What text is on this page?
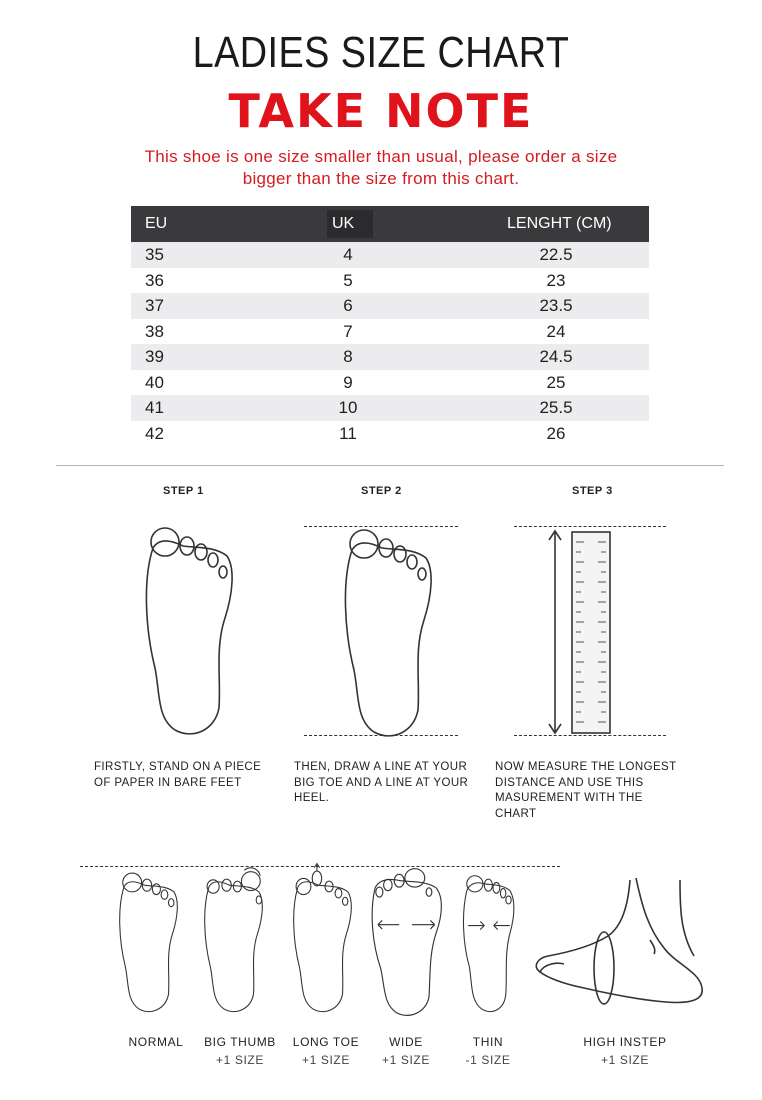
LADIES SIZE CHART
TAKE NOTE
This shoe is one size smaller than usual, please order a size
bigger than the size from this chart.
EU	UK	LENGHT (CM)
35	4	22.5
36	5	23
37	6	23.5
38	7	24
39	8	24.5
40	9	25
41	10	25.5
42	11	26
STEP 1	STEP 2	STEP 3
FIRSTLY, STAND ON A PIECE
OF PAPER IN BARE FEET
THEN, DRAW A LINE AT YOUR
BIG TOE AND A LINE AT YOUR
HEEL.
NOW MEASURE THE LONGEST
DISTANCE AND USE THIS
MASUREMENT WITH THE
CHART
NORMAL	BIG THUMB
+1 SIZE
LONG TOE
+1 SIZE
WIDE
+1 SIZE
THIN
-1 SIZE
HIGH INSTEP
+1 SIZE
